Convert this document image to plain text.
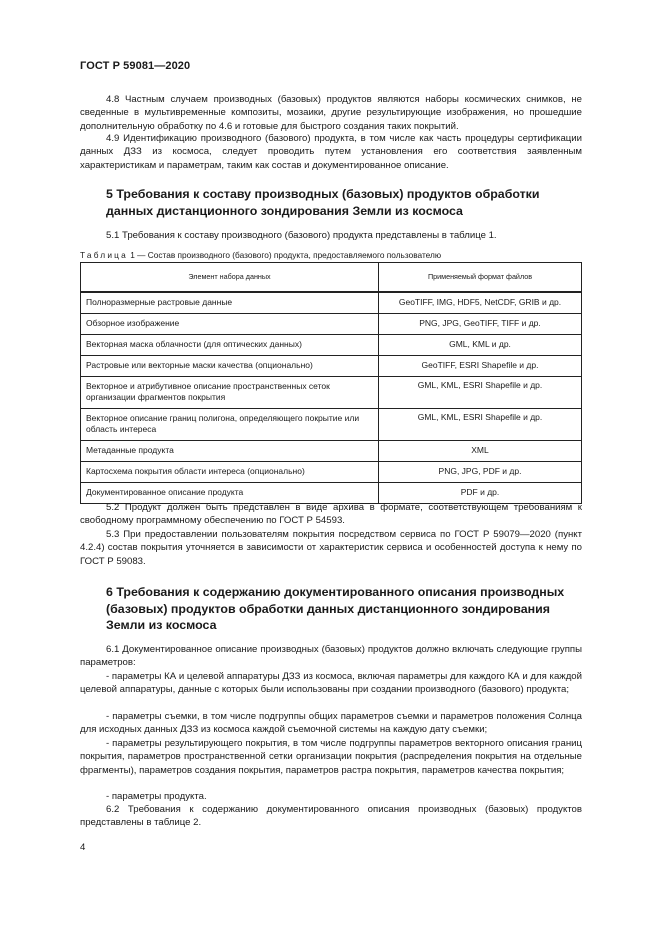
ГОСТ Р 59081—2020

4.8 Частным случаем производных (базовых) продуктов являются наборы космических снимков, не сведенные в мультивременные композиты, мозаики, другие результирующие изображения, но прошедшие дополнительную обработку по 4.6 и готовые для быстрого создания таких покрытий.

4.9 Идентификацию производного (базового) продукта, в том числе как часть процедуры сертификации данных ДЗЗ из космоса, следует проводить путем установления его соответствия заявленным характеристикам и параметрам, таким как состав и документированное описание.

5 Требования к составу производных (базовых) продуктов обработки данных дистанционного зондирования Земли из космоса

5.1 Требования к составу производного (базового) продукта представлены в таблице 1.

Таблица 1 — Состав производного (базового) продукта, предоставляемого пользователю
Элемент набора данных	Применяемый формат файлов
Полноразмерные растровые данные	GeoTIFF, IMG, HDF5, NetCDF, GRIB и др.
Обзорное изображение	PNG, JPG, GeoTIFF, TIFF и др.
Векторная маска облачности (для оптических данных)	GML, KML и др.
Растровые или векторные маски качества (опционально)	GeoTIFF, ESRI Shapefile и др.
Векторное и атрибутивное описание пространственных сеток организации фрагментов покрытия	GML, KML, ESRI Shapefile и др.
Векторное описание границ полигона, определяющего покрытие или область интереса	GML, KML, ESRI Shapefile и др.
Метаданные продукта	XML
Картосхема покрытия области интереса (опционально)	PNG, JPG, PDF и др.
Документированное описание продукта	PDF и др.

5.2 Продукт должен быть представлен в виде архива в формате, соответствующем требованиям к свободному программному обеспечению по ГОСТ Р 54593.

5.3 При предоставлении пользователям покрытия посредством сервиса по ГОСТ Р 59079—2020 (пункт 4.2.4) состав покрытия уточняется в зависимости от характеристик сервиса и особенностей доступа к нему по ГОСТ Р 59083.

6 Требования к содержанию документированного описания производных (базовых) продуктов обработки данных дистанционного зондирования Земли из космоса

6.1 Документированное описание производных (базовых) продуктов должно включать следующие группы параметров:

- параметры КА и целевой аппаратуры ДЗЗ из космоса, включая параметры для каждого КА и для каждой целевой аппаратуры, данные с которых были использованы при создании производного (базового) продукта;

- параметры съемки, в том числе подгруппы общих параметров съемки и параметров положения Солнца для исходных данных ДЗЗ из космоса каждой съемочной системы на каждую дату съемки;

- параметры результирующего покрытия, в том числе подгруппы параметров векторного описания границ покрытия, параметров пространственной сетки организации покрытия (распределения покрытия на отдельные фрагменты), параметров создания покрытия, параметров растра покрытия, параметров качества покрытия;

- параметры продукта.

6.2 Требования к содержанию документированного описания производных (базовых) продуктов представлены в таблице 2.

4
